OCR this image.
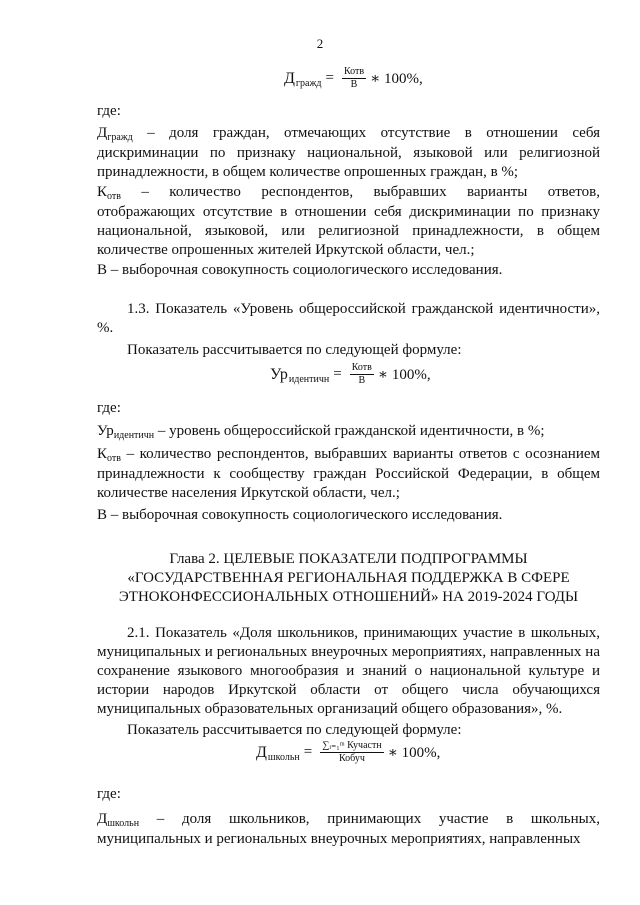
2
Д гражд = $\frac{\text{Котв}}{В}$ ∗ 100%,

где:

$Д_{гражд}$ – доля граждан, отмечающих отсутствие в отношении себя дискриминации по признаку национальной, языковой или религиозной принадлежности, в общем количестве опрошенных граждан, в %;

$К_{отв}$ – количество респондентов, выбравших варианты ответов, отображающих отсутствие в отношении себя дискриминации по признаку национальной, языковой, или религиозной принадлежности, в общем количестве опрошенных жителей Иркутской области, чел.;

В – выборочная совокупность социологического исследования.

1.3. Показатель «Уровень общероссийской гражданской идентичности», %.

Показатель рассчитывается по следующей формуле:

Ур идентичн = $\frac{\text{Котв}}{В}$ ∗ 100%,

где:

$Ур_{идентичн}$ – уровень общероссийской гражданской идентичности, в %;

$К_{отв}$ – количество респондентов, выбравших варианты ответов с осознанием принадлежности к сообществу граждан Российской Федерации, в общем количестве населения Иркутской области, чел.;

В – выборочная совокупность социологического исследования.

Глава 2. ЦЕЛЕВЫЕ ПОКАЗАТЕЛИ ПОДПРОГРАММЫ
«ГОСУДАРСТВЕННАЯ РЕГИОНАЛЬНАЯ ПОДДЕРЖКА В СФЕРЕ
ЭТНОКОНФЕССИОНАЛЬНЫХ ОТНОШЕНИЙ» НА 2019-2024 ГОДЫ

2.1. Показатель «Доля школьников, принимающих участие в школьных, муниципальных и региональных внеурочных мероприятиях, направленных на сохранение языкового многообразия и знаний о национальной культуре и истории народов Иркутской области от общего числа обучающихся муниципальных образовательных организаций общего образования», %.

Показатель рассчитывается по следующей формуле:

Д школьн = $\frac{\text{∑ᵢ₌₁ᵐ Кучастн}}{\text{Кобуч}}$ ∗ 100%,

где:

$Д_{школьн}$ – доля школьников, принимающих участие в школьных, муниципальных и региональных внеурочных мероприятиях, направленных
